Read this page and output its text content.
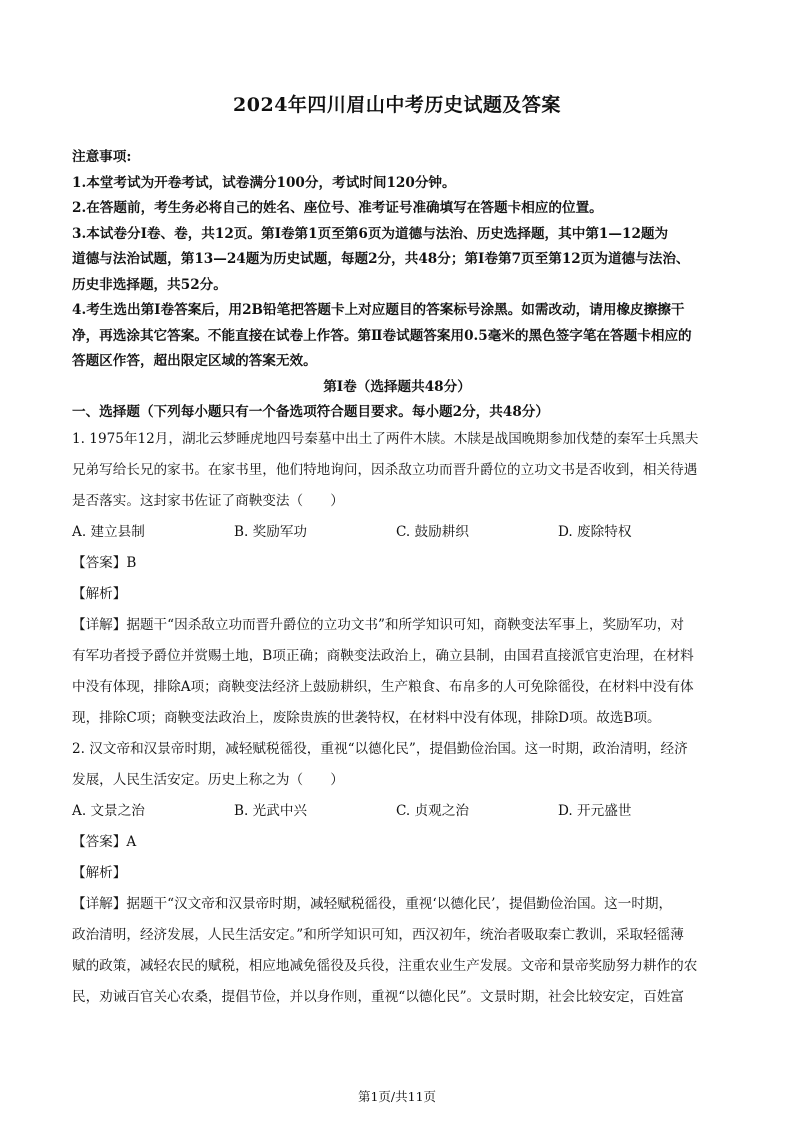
2024年四川眉山中考历史试题及答案
注意事项:
1.本堂考试为开卷考试，试卷满分100分，考试时间120分钟。
2.在答题前，考生务必将自己的姓名、座位号、准考证号准确填写在答题卡相应的位置。
3.本试卷分Ⅰ卷、卷，共12页。第Ⅰ卷第1页至第6页为道德与法治、历史选择题，其中第1—12题为
道德与法治试题，第13—24题为历史试题，每题2分，共48分；第Ⅰ卷第7页至第12页为道德与法治、
历史非选择题，共52分。
4.考生选出第Ⅰ卷答案后，用2B铅笔把答题卡上对应题目的答案标号涂黑。如需改动，请用橡皮擦擦干
净，再选涂其它答案。不能直接在试卷上作答。第Ⅱ卷试题答案用0.5毫米的黑色签字笔在答题卡相应的
答题区作答，超出限定区域的答案无效。
第Ⅰ卷（选择题共48分）
一、选择题（下列每小题只有一个备选项符合题目要求。每小题2分，共48分）
1. 1975年12月，湖北云梦睡虎地四号秦墓中出土了两件木牍。木牍是战国晚期参加伐楚的秦军士兵黑夫
兄弟写给长兄的家书。在家书里，他们特地询问，因杀敌立功而晋升爵位的立功文书是否收到，相关待遇
是否落实。这封家书佐证了商鞅变法（　　）
A. 建立县制	B. 奖励军功	C. 鼓励耕织	D. 废除特权
【答案】B
【解析】
【详解】据题干“因杀敌立功而晋升爵位的立功文书”和所学知识可知，商鞅变法军事上，奖励军功，对
有军功者授予爵位并赏赐土地，B项正确；商鞅变法政治上，确立县制，由国君直接派官吏治理，在材料
中没有体现，排除A项；商鞅变法经济上鼓励耕织，生产粮食、布帛多的人可免除徭役，在材料中没有体
现，排除C项；商鞅变法政治上，废除贵族的世袭特权，在材料中没有体现，排除D项。故选B项。
2. 汉文帝和汉景帝时期，减轻赋税徭役，重视“以德化民”，提倡勤俭治国。这一时期，政治清明，经济
发展，人民生活安定。历史上称之为（　　）
A. 文景之治	B. 光武中兴	C. 贞观之治	D. 开元盛世
【答案】A
【解析】
【详解】据题干“汉文帝和汉景帝时期，减轻赋税徭役，重视‘以德化民’，提倡勤俭治国。这一时期，
政治清明，经济发展，人民生活安定。”和所学知识可知，西汉初年，统治者吸取秦亡教训，采取轻徭薄
赋的政策，减轻农民的赋税，相应地减免徭役及兵役，注重农业生产发展。文帝和景帝奖励努力耕作的农
民，劝诫百官关心农桑，提倡节俭，并以身作则，重视“以德化民”。文景时期，社会比较安定，百姓富
第1页/共11页
